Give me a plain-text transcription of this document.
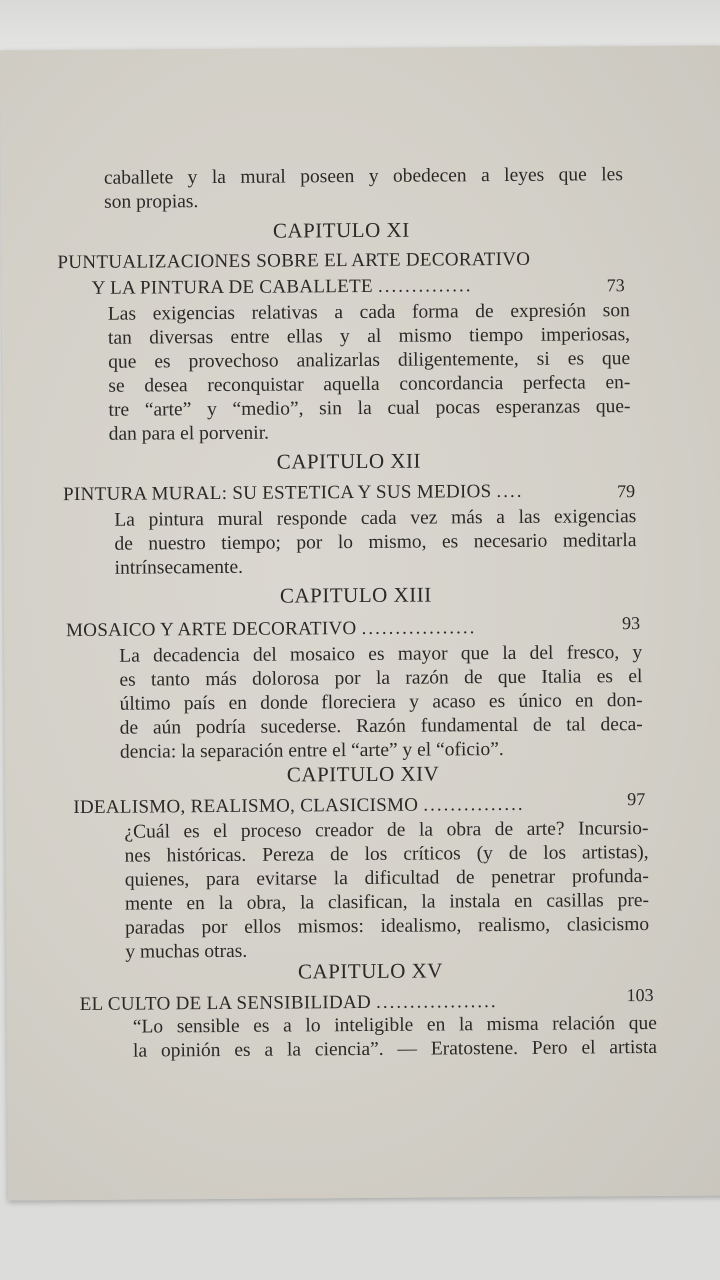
caballete y la mural poseen y obedecen a leyes que les
son propias.
CAPITULO XI
PUNTUALIZACIONES SOBRE EL ARTE DECORATIVO
Y LA PINTURA DE CABALLETE ..............	73
Las exigencias relativas a cada forma de expresión son
tan diversas entre ellas y al mismo tiempo imperiosas,
que es provechoso analizarlas diligentemente, si es que
se desea reconquistar aquella concordancia perfecta en-
tre “arte” y “medio”, sin la cual pocas esperanzas que-
dan para el porvenir.
CAPITULO XII
PINTURA MURAL: SU ESTETICA Y SUS MEDIOS ....	79
La pintura mural responde cada vez más a las exigencias
de nuestro tiempo; por lo mismo, es necesario meditarla
intrínsecamente.
CAPITULO XIII
MOSAICO Y ARTE DECORATIVO .................	93
La decadencia del mosaico es mayor que la del fresco, y
es tanto más dolorosa por la razón de que Italia es el
último país en donde floreciera y acaso es único en don-
de aún podría sucederse. Razón fundamental de tal deca-
dencia: la separación entre el “arte” y el “oficio”.
CAPITULO XIV
IDEALISMO, REALISMO, CLASICISMO ...............	97
¿Cuál es el proceso creador de la obra de arte? Incursio-
nes históricas. Pereza de los críticos (y de los artistas),
quienes, para evitarse la dificultad de penetrar profunda-
mente en la obra, la clasifican, la instala en casillas pre-
paradas por ellos mismos: idealismo, realismo, clasicismo
y muchas otras.
CAPITULO XV
EL CULTO DE LA SENSIBILIDAD ..................	103
“Lo sensible es a lo inteligible en la misma relación que
la opinión es a la ciencia”. — Eratostene. Pero el artista
